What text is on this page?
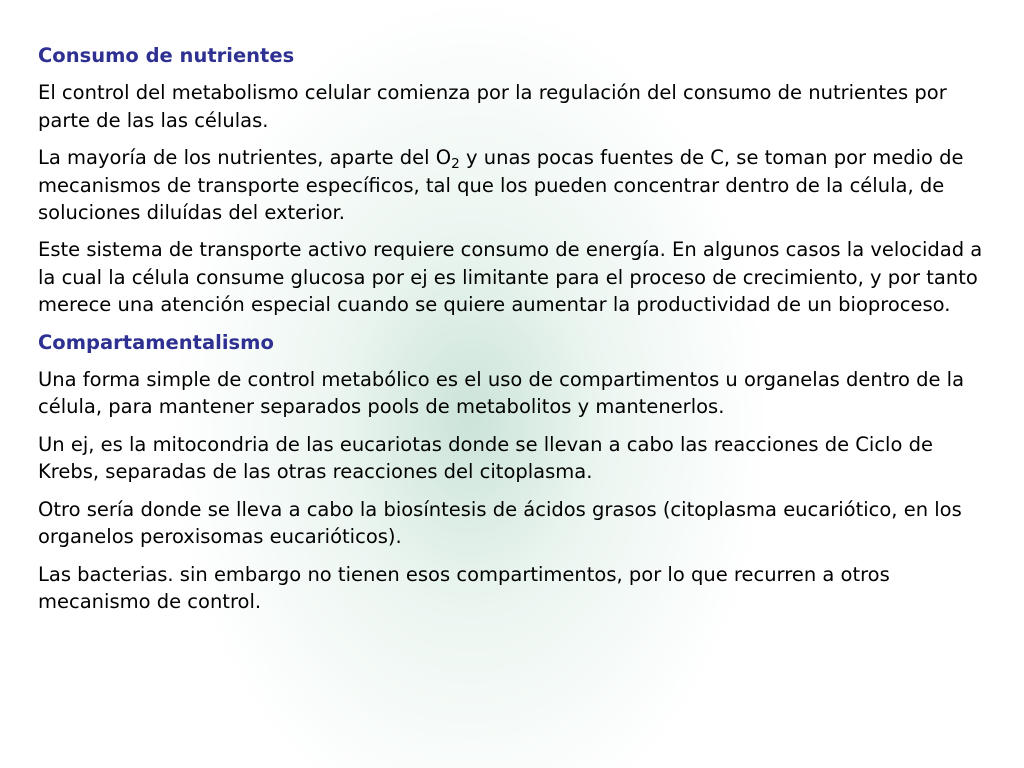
Consumo de nutrientes
El control del metabolismo celular comienza por la regulación del consumo de nutrientes por parte de las las células.
La mayoría de los nutrientes, aparte del $O_2$ y unas pocas fuentes de C, se toman por medio de mecanismos de transporte específicos, tal que los pueden concentrar dentro de la célula, de soluciones diluídas del exterior.
Este sistema de transporte activo requiere consumo de energía. En algunos casos la velocidad a la cual la célula consume glucosa por ej es limitante para el proceso de crecimiento, y por tanto merece una atención especial cuando se quiere aumentar la productividad de un bioproceso.
Compartamentalismo
Una forma simple de control metabólico es el uso de compartimentos u organelas dentro de la célula, para mantener separados pools de metabolitos y mantenerlos.
Un ej, es la mitocondria de las eucariotas donde se llevan a cabo las reacciones de Ciclo de Krebs, separadas de las otras reacciones del citoplasma.
Otro sería donde se lleva a cabo la biosíntesis de ácidos grasos (citoplasma eucariótico, en los organelos peroxisomas eucarióticos).
Las bacterias. sin embargo no tienen esos compartimentos, por lo que recurren a otros mecanismo de control.
